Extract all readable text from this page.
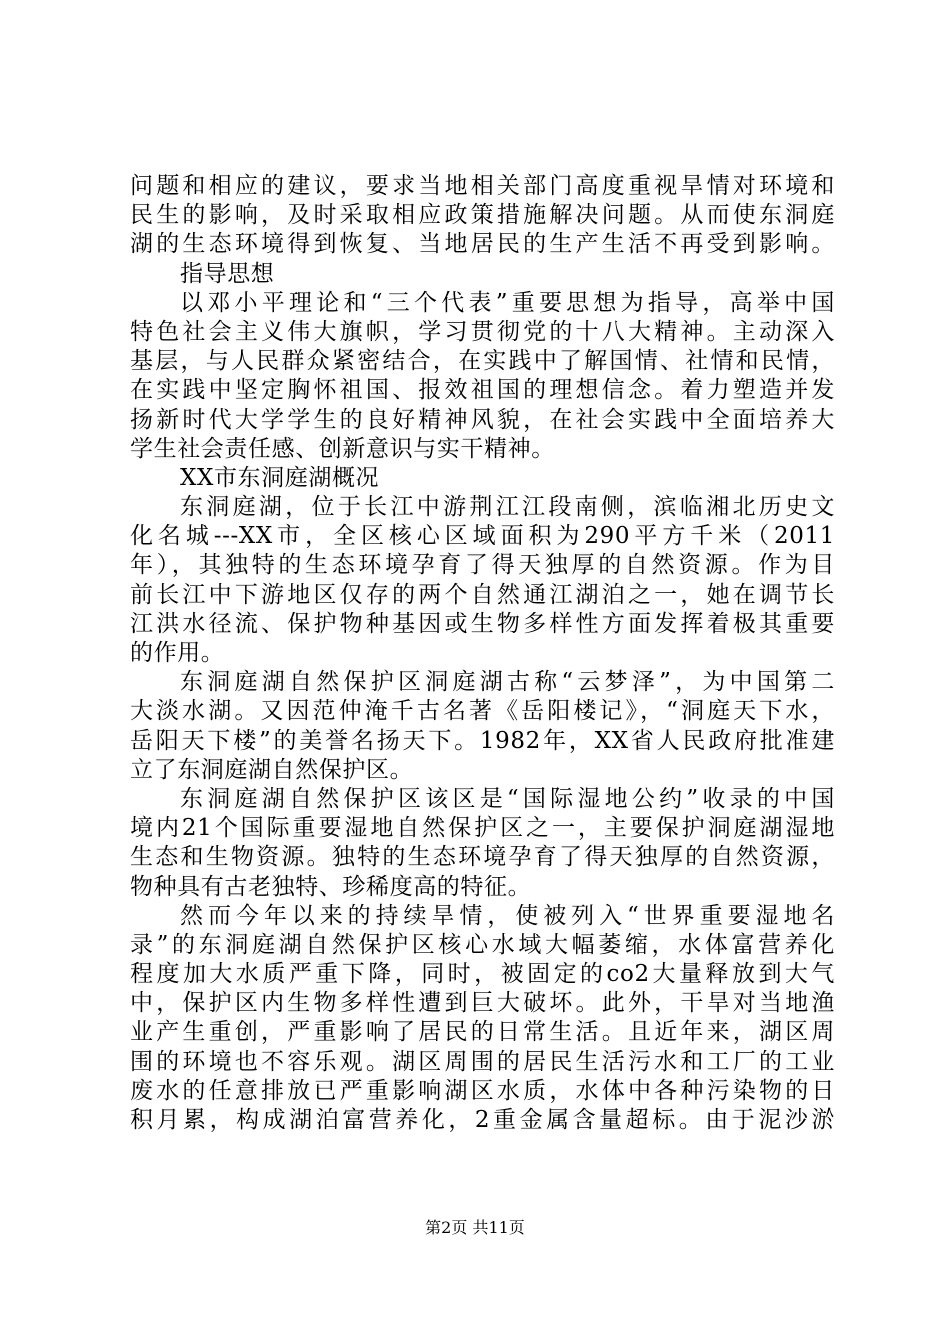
问题和相应的建议，要求当地相关部门高度重视旱情对环境和
民生的影响，及时采取相应政策措施解决问题。从而使东洞庭
湖的生态环境得到恢复、当地居民的生产生活不再受到影响。
指导思想
以邓小平理论和“三个代表”重要思想为指导，高举中国
特色社会主义伟大旗帜，学习贯彻党的十八大精神。主动深入
基层，与人民群众紧密结合，在实践中了解国情、社情和民情，
在实践中坚定胸怀祖国、报效祖国的理想信念。着力塑造并发
扬新时代大学学生的良好精神风貌，在社会实践中全面培养大
学生社会责任感、创新意识与实干精神。
XX市东洞庭湖概况
东洞庭湖，位于长江中游荆江江段南侧，滨临湘北历史文
化名城---XX市，全区核心区域面积为290平方千米（2011
年），其独特的生态环境孕育了得天独厚的自然资源。作为目
前长江中下游地区仅存的两个自然通江湖泊之一，她在调节长
江洪水径流、保护物种基因或生物多样性方面发挥着极其重要
的作用。
东洞庭湖自然保护区洞庭湖古称“云梦泽”，为中国第二
大淡水湖。又因范仲淹千古名著《岳阳楼记》，“洞庭天下水，
岳阳天下楼”的美誉名扬天下。1982年，XX省人民政府批准建
立了东洞庭湖自然保护区。
东洞庭湖自然保护区该区是“国际湿地公约”收录的中国
境内21个国际重要湿地自然保护区之一，主要保护洞庭湖湿地
生态和生物资源。独特的生态环境孕育了得天独厚的自然资源，
物种具有古老独特、珍稀度高的特征。
然而今年以来的持续旱情，使被列入“世界重要湿地名
录”的东洞庭湖自然保护区核心水域大幅萎缩，水体富营养化
程度加大水质严重下降，同时，被固定的co2大量释放到大气
中，保护区内生物多样性遭到巨大破坏。此外，干旱对当地渔
业产生重创，严重影响了居民的日常生活。且近年来，湖区周
围的环境也不容乐观。湖区周围的居民生活污水和工厂的工业
废水的任意排放已严重影响湖区水质，水体中各种污染物的日
积月累，构成湖泊富营养化，2重金属含量超标。由于泥沙淤
第2页 共11页
